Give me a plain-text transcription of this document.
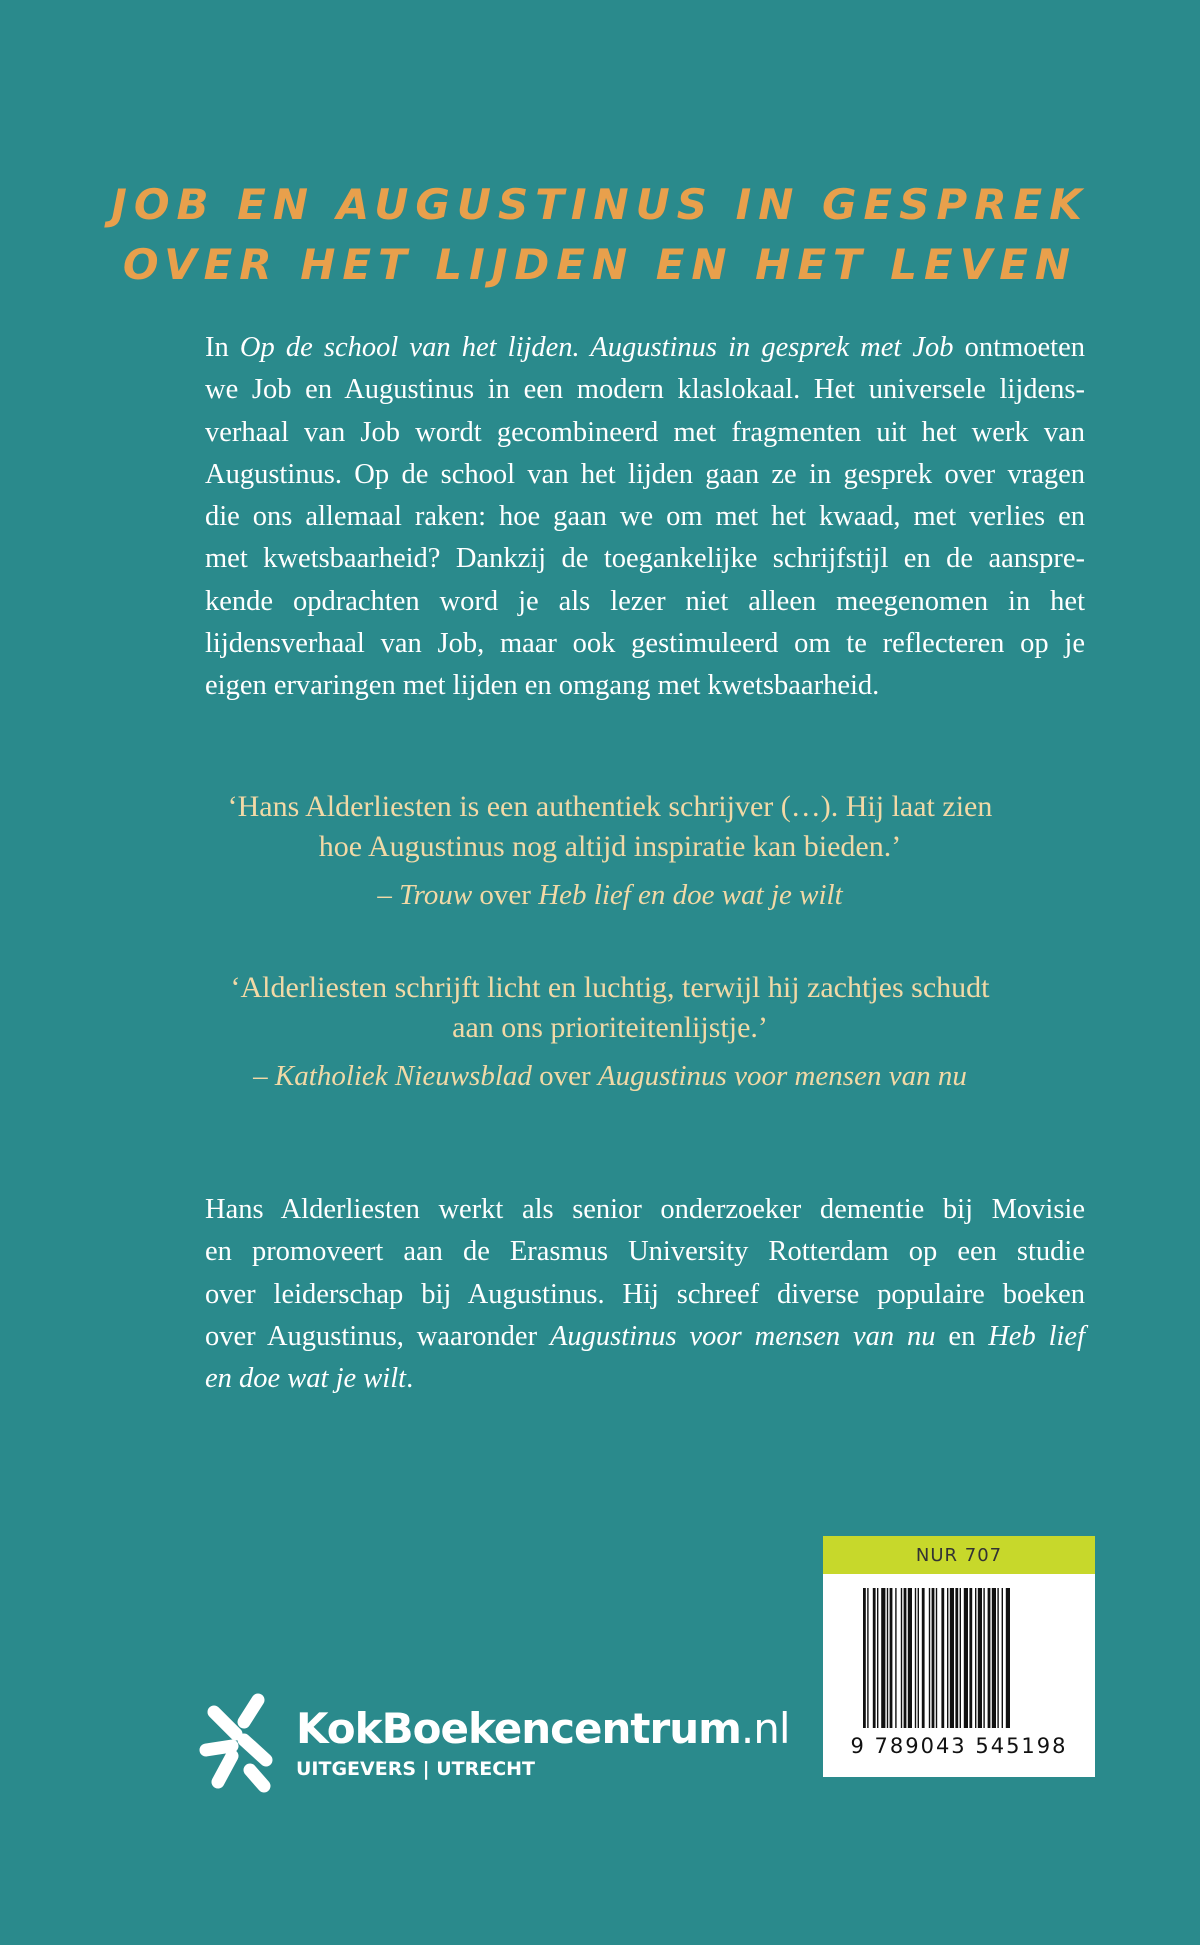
JOB EN AUGUSTINUS IN GESPREK
OVER HET LIJDEN EN HET LEVEN
In Op de school van het lijden. Augustinus in gesprek met Job ontmoeten
we Job en Augustinus in een modern klaslokaal. Het universele lijdens-
verhaal van Job wordt gecombineerd met fragmenten uit het werk van
Augustinus. Op de school van het lijden gaan ze in gesprek over vragen
die ons allemaal raken: hoe gaan we om met het kwaad, met verlies en
met kwetsbaarheid? Dankzij de toegankelijke schrijfstijl en de aanspre-
kende opdrachten word je als lezer niet alleen meegenomen in het
lijdensverhaal van Job, maar ook gestimuleerd om te reflecteren op je
eigen ervaringen met lijden en omgang met kwetsbaarheid.
‘Hans Alderliesten is een authentiek schrijver (…). Hij laat zien
hoe Augustinus nog altijd inspiratie kan bieden.’
– Trouw over Heb lief en doe wat je wilt
‘Alderliesten schrijft licht en luchtig, terwijl hij zachtjes schudt
aan ons prioriteitenlijstje.’
– Katholiek Nieuwsblad over Augustinus voor mensen van nu
Hans Alderliesten werkt als senior onderzoeker dementie bij Movisie
en promoveert aan de Erasmus University Rotterdam op een studie
over leiderschap bij Augustinus. Hij schreef diverse populaire boeken
over Augustinus, waaronder Augustinus voor mensen van nu en Heb lief
en doe wat je wilt.
KokBoekencentrum.nl
UITGEVERS | UTRECHT
NUR 707
9 789043 545198
